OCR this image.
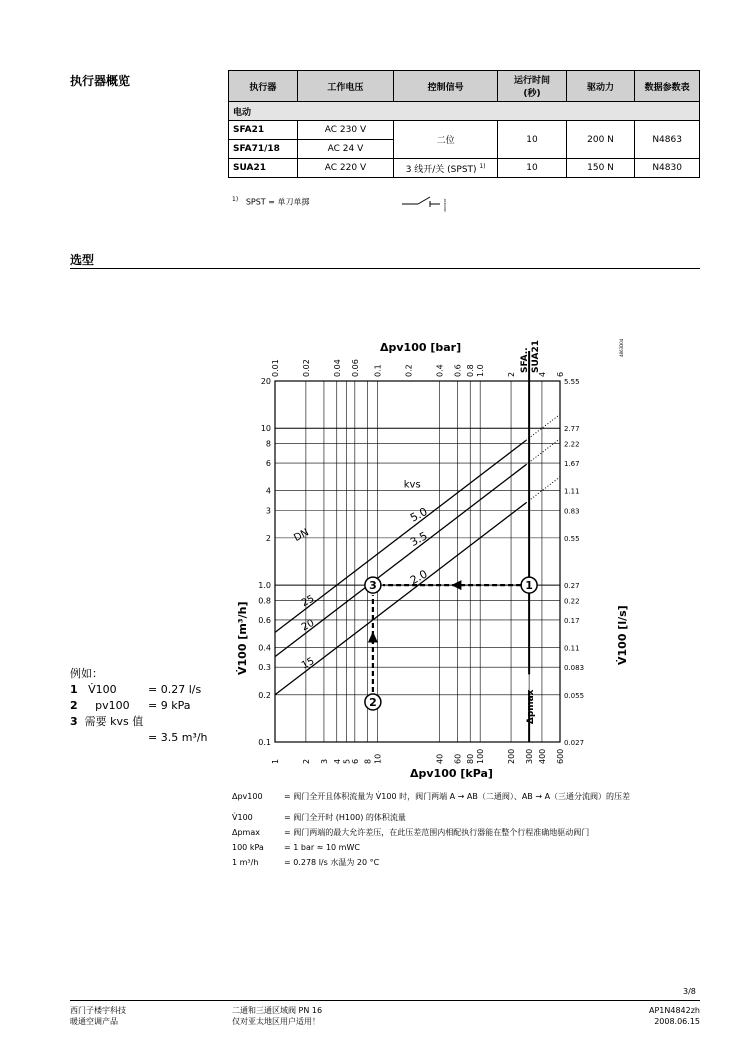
执行器概览	执行器	工作电压	控制信号	运行时间
(秒)	驱动力	数据参数表
电动					
SFA21	AC 230 V	二位	10	200 N	N4863
SFA71/18	AC 24 V				
SUA21	AC 220 V	3 线开/关 (SPST) $^{1)}$	10	150 N	N4830
$^{1)}$ SPST = 单刀单掷	4863Z07
选型
0.01	0.02	0.04 0.06 0.1	0.2	0.4 0.6 0.8 1.0	2	4 6
1	2 3 4 5 6 8 10	40 60 80 100	200 300 400 600
0.1
0.2
0.3
0.4
0.6
0.8
1.0
2
3
4
6
8
10
20
0.027
0.055
0.083
0.11
0.17
0.22
0.27
0.55
0.83
1.11
1.67
2.22
2.77
5.55
5.0
25
3.5
20
2.0
15
kvs
DN
Δpmax
SFA.. SUA21
1
2
3
Δpv100 [bar]
Δpv100 [kPa]
V̇100 [m³/h]	V̇100 [l/s]
4863D04
例如：
1 V̇100	= 0.27 l/s
2 pv100 = 9 kPa
3 需要 kvs 值
= 3.5 m³/h
Δpv100	= 阀门全开且体积流量为 V̇100 时，阀门两端 A → AB（二通阀）、AB → A（三通分流阀）的压差
V̇100	= 阀门全开时 (H100) 的体积流量
Δpmax	= 阀门两端的最大允许差压，在此压差范围内相配执行器能在整个行程准确地驱动阀门
100 kPa	= 1 bar ≈ 10 mWC
1 m³/h	= 0.278 l/s 水温为 20 °C
3/8
西门子楼宇科技
暖通空调产品
二通和三通区域阀 PN 16
仅对亚太地区用户适用！
AP1N4842zh
2008.06.15
